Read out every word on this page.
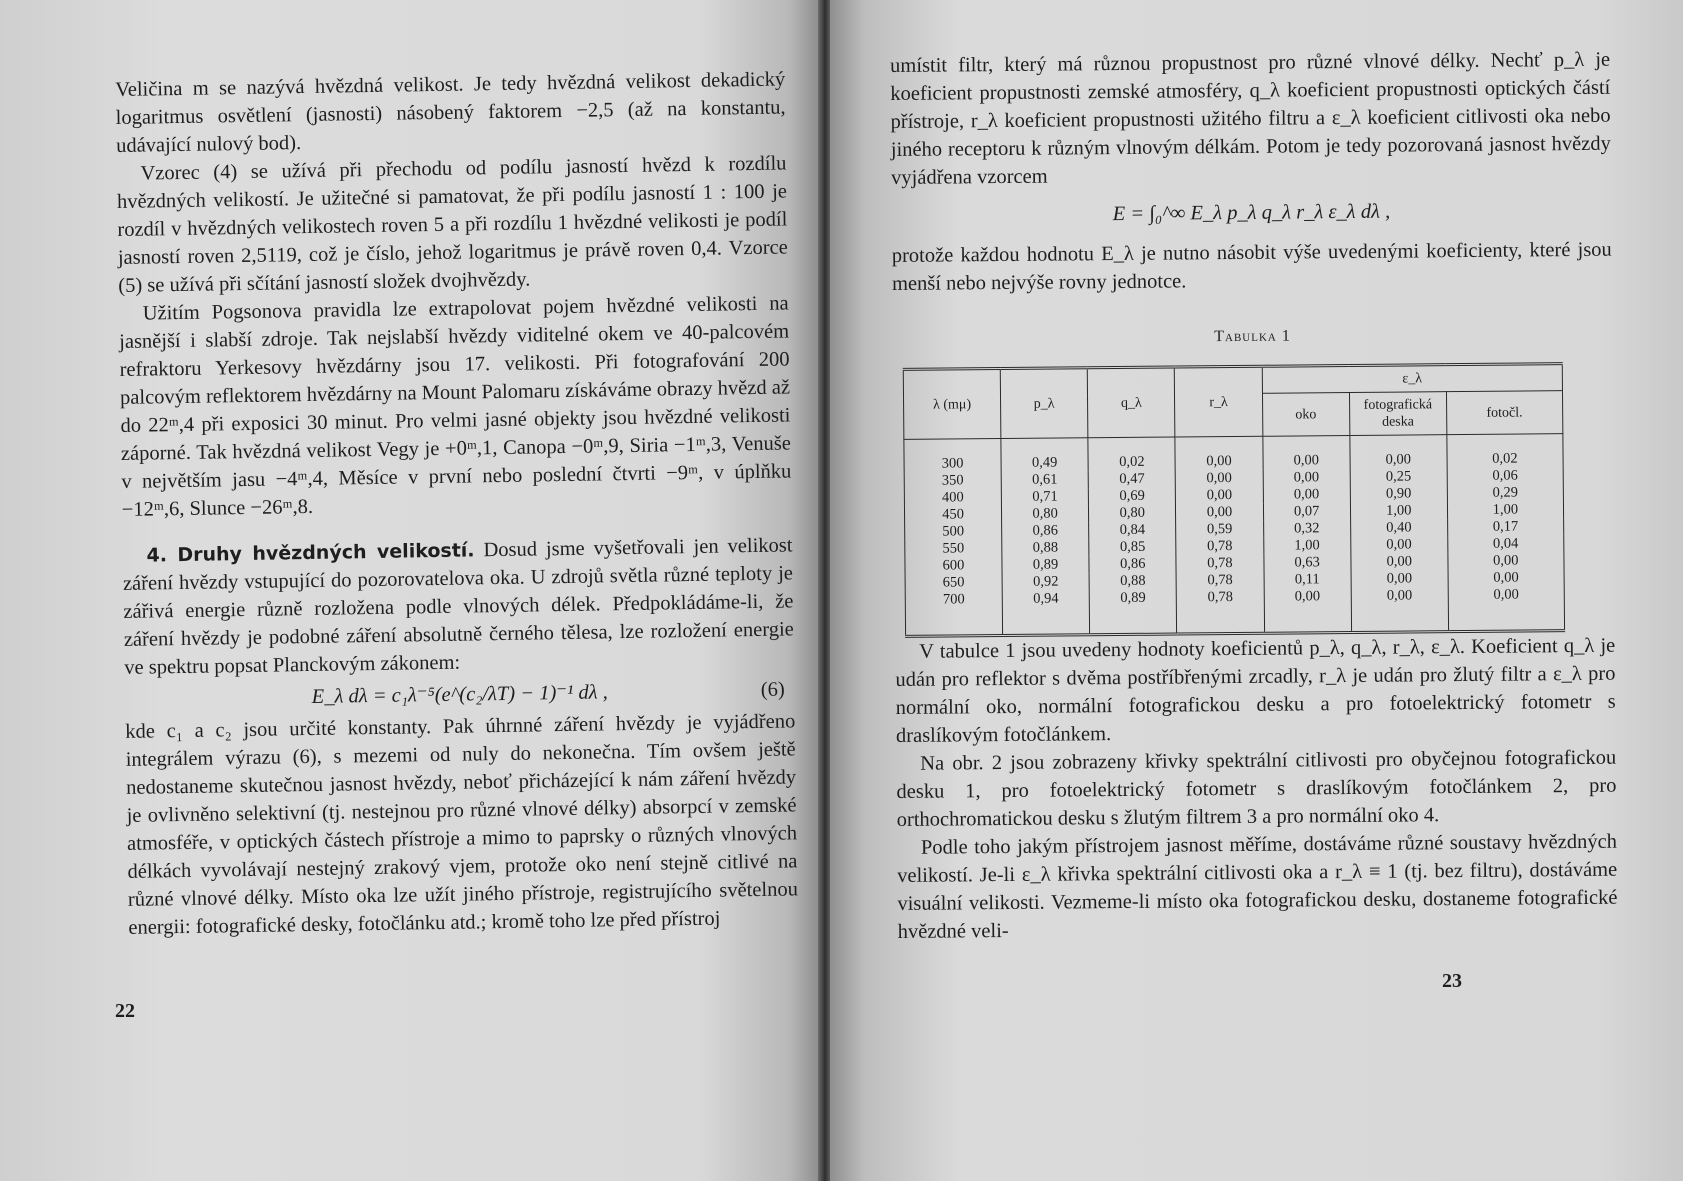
Veličina m se nazývá hvězdná velikost. Je tedy hvězdná velikost dekadický logaritmus osvětlení (jasnosti) násobený faktorem −2,5 (až na konstantu, udávající nulový bod).

Vzorec (4) se užívá při přechodu od podílu jasností hvězd k rozdílu hvězdných velikostí. Je užitečné si pamatovat, že při podílu jasností 1 : 100 je rozdíl v hvězdných velikostech roven 5 a při rozdílu 1 hvězdné velikosti je podíl jasností roven 2,5119, což je číslo, jehož logaritmus je právě roven 0,4. Vzorce (5) se užívá při sčítání jasností složek dvojhvězdy.

Užitím Pogsonova pravidla lze extrapolovat pojem hvězdné velikosti na jasnější i slabší zdroje. Tak nejslabší hvězdy viditelné okem ve 40-palcovém refraktoru Yerkesovy hvězdárny jsou 17. velikosti. Při fotografování 200 palcovým reflektorem hvězdárny na Mount Palomaru získáváme obrazy hvězd až do 22ᵐ,4 při exposici 30 minut. Pro velmi jasné objekty jsou hvězdné velikosti záporné. Tak hvězdná velikost Vegy je +0ᵐ,1, Canopa −0ᵐ,9, Siria −1ᵐ,3, Venuše v největším jasu −4ᵐ,4, Měsíce v první nebo poslední čtvrti −9ᵐ, v úplňku −12ᵐ,6, Slunce −26ᵐ,8.

4. Druhy hvězdných velikostí. Dosud jsme vyšetřovali jen velikost záření hvězdy vstupující do pozorovatelova oka. U zdrojů světla různé teploty je zářivá energie různě rozložena podle vlnových délek. Předpokládáme-li, že záření hvězdy je podobné záření absolutně černého tělesa, lze rozložení energie ve spektru popsat Planckovým zákonem:

E_λ dλ = c₁λ⁻⁵(e^(c₂/λT) − 1)⁻¹ dλ ,	(6)

kde c₁ a c₂ jsou určité konstanty. Pak úhrnné záření hvězdy je vyjádřeno integrálem výrazu (6), s mezemi od nuly do nekonečna. Tím ovšem ještě nedostaneme skutečnou jasnost hvězdy, neboť přicházející k nám záření hvězdy je ovlivněno selektivní (tj. nestejnou pro různé vlnové délky) absorpcí v zemské atmosféře, v optických částech přístroje a mimo to paprsky o různých vlnových délkách vyvolávají nestejný zrakový vjem, protože oko není stejně citlivé na různé vlnové délky. Místo oka lze užít jiného přístroje, registrujícího světelnou energii: fotografické desky, fotočlánku atd.; kromě toho lze před přístroj

22

umístit filtr, který má různou propustnost pro různé vlnové délky. Nechť p_λ je koeficient propustnosti zemské atmosféry, q_λ koeficient propustnosti optických částí přístroje, r_λ koeficient propustnosti užitého filtru a ε_λ koeficient citlivosti oka nebo jiného receptoru k různým vlnovým délkám. Potom je tedy pozorovaná jasnost hvězdy vyjádřena vzorcem

E = ∫₀^∞ E_λ p_λ q_λ r_λ ε_λ dλ ,

protože každou hodnotu E_λ je nutno násobit výše uvedenými koeficienty, které jsou menší nebo nejvýše rovny jednotce.

Tabulka 1
λ (mμ)	p_λ	q_λ	r_λ	ε_λ		
				oko	fotografická deska	fotočl.
300	0,49	0,02	0,00	0,00	0,00	0,02
350	0,61	0,47	0,00	0,00	0,25	0,06
400	0,71	0,69	0,00	0,00	0,90	0,29
450	0,80	0,80	0,00	0,07	1,00	1,00
500	0,86	0,84	0,59	0,32	0,40	0,17
550	0,88	0,85	0,78	1,00	0,00	0,04
600	0,89	0,86	0,78	0,63	0,00	0,00
650	0,92	0,88	0,78	0,11	0,00	0,00
700	0,94	0,89	0,78	0,00	0,00	0,00

V tabulce 1 jsou uvedeny hodnoty koeficientů p_λ, q_λ, r_λ, ε_λ. Koeficient q_λ je udán pro reflektor s dvěma postříbřenými zrcadly, r_λ je udán pro žlutý filtr a ε_λ pro normální oko, normální fotografickou desku a pro fotoelektrický fotometr s draslíkovým fotočlánkem.

Na obr. 2 jsou zobrazeny křivky spektrální citlivosti pro obyčejnou fotografickou desku 1, pro fotoelektrický fotometr s draslíkovým fotočlánkem 2, pro orthochromatickou desku s žlutým filtrem 3 a pro normální oko 4.

Podle toho jakým přístrojem jasnost měříme, dostáváme různé soustavy hvězdných velikostí. Je-li ε_λ křivka spektrální citlivosti oka a r_λ ≡ 1 (tj. bez filtru), dostáváme visuální velikosti. Vezmeme-li místo oka fotografickou desku, dostaneme fotografické hvězdné veli-

23
